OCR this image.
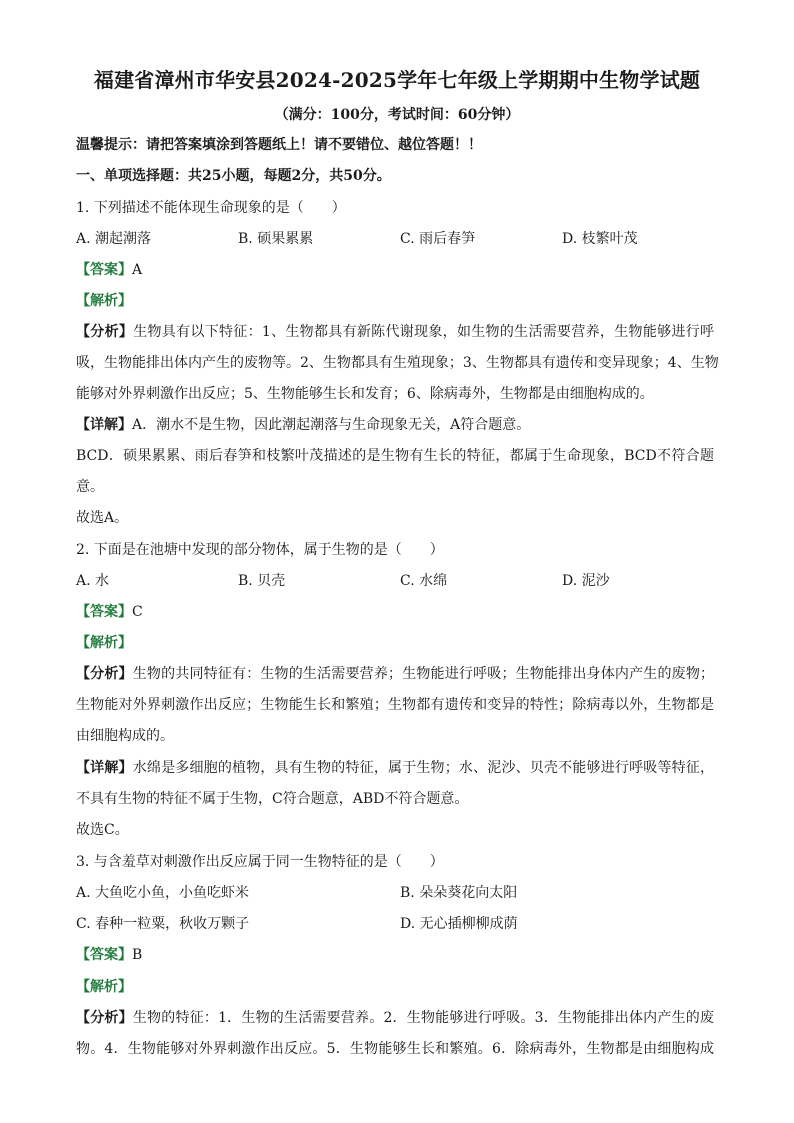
福建省漳州市华安县2024-2025学年七年级上学期期中生物学试题
（满分：100分，考试时间：60分钟）
温馨提示：请把答案填涂到答题纸上！请不要错位、越位答题！！
一、单项选择题：共25小题，每题2分，共50分。
1. 下列描述不能体现生命现象的是（　　）
A. 潮起潮落	B. 硕果累累	C. 雨后春笋	D. 枝繁叶茂
【答案】A
【解析】
【分析】生物具有以下特征：1、生物都具有新陈代谢现象，如生物的生活需要营养，生物能够进行呼
吸，生物能排出体内产生的废物等。2、生物都具有生殖现象；3、生物都具有遗传和变异现象；4、生物
能够对外界刺激作出反应；5、生物能够生长和发育；6、除病毒外，生物都是由细胞构成的。
【详解】A．潮水不是生物，因此潮起潮落与生命现象无关，A符合题意。
BCD．硕果累累、雨后春笋和枝繁叶茂描述的是生物有生长的特征，都属于生命现象，BCD不符合题
意。
故选A。
2. 下面是在池塘中发现的部分物体，属于生物的是（　　）
A. 水	B. 贝壳	C. 水绵	D. 泥沙
【答案】C
【解析】
【分析】生物的共同特征有：生物的生活需要营养；生物能进行呼吸；生物能排出身体内产生的废物；
生物能对外界刺激作出反应；生物能生长和繁殖；生物都有遗传和变异的特性；除病毒以外，生物都是
由细胞构成的。
【详解】水绵是多细胞的植物，具有生物的特征，属于生物；水、泥沙、贝壳不能够进行呼吸等特征，
不具有生物的特征不属于生物，C符合题意，ABD不符合题意。
故选C。
3. 与含羞草对刺激作出反应属于同一生物特征的是（　　）
A. 大鱼吃小鱼，小鱼吃虾米	B. 朵朵葵花向太阳
C. 春种一粒粟，秋收万颗子	D. 无心插柳柳成荫
【答案】B
【解析】
【分析】生物的特征：1．生物的生活需要营养。2．生物能够进行呼吸。3．生物能排出体内产生的废
物。4．生物能够对外界刺激作出反应。5．生物能够生长和繁殖。6．除病毒外，生物都是由细胞构成
